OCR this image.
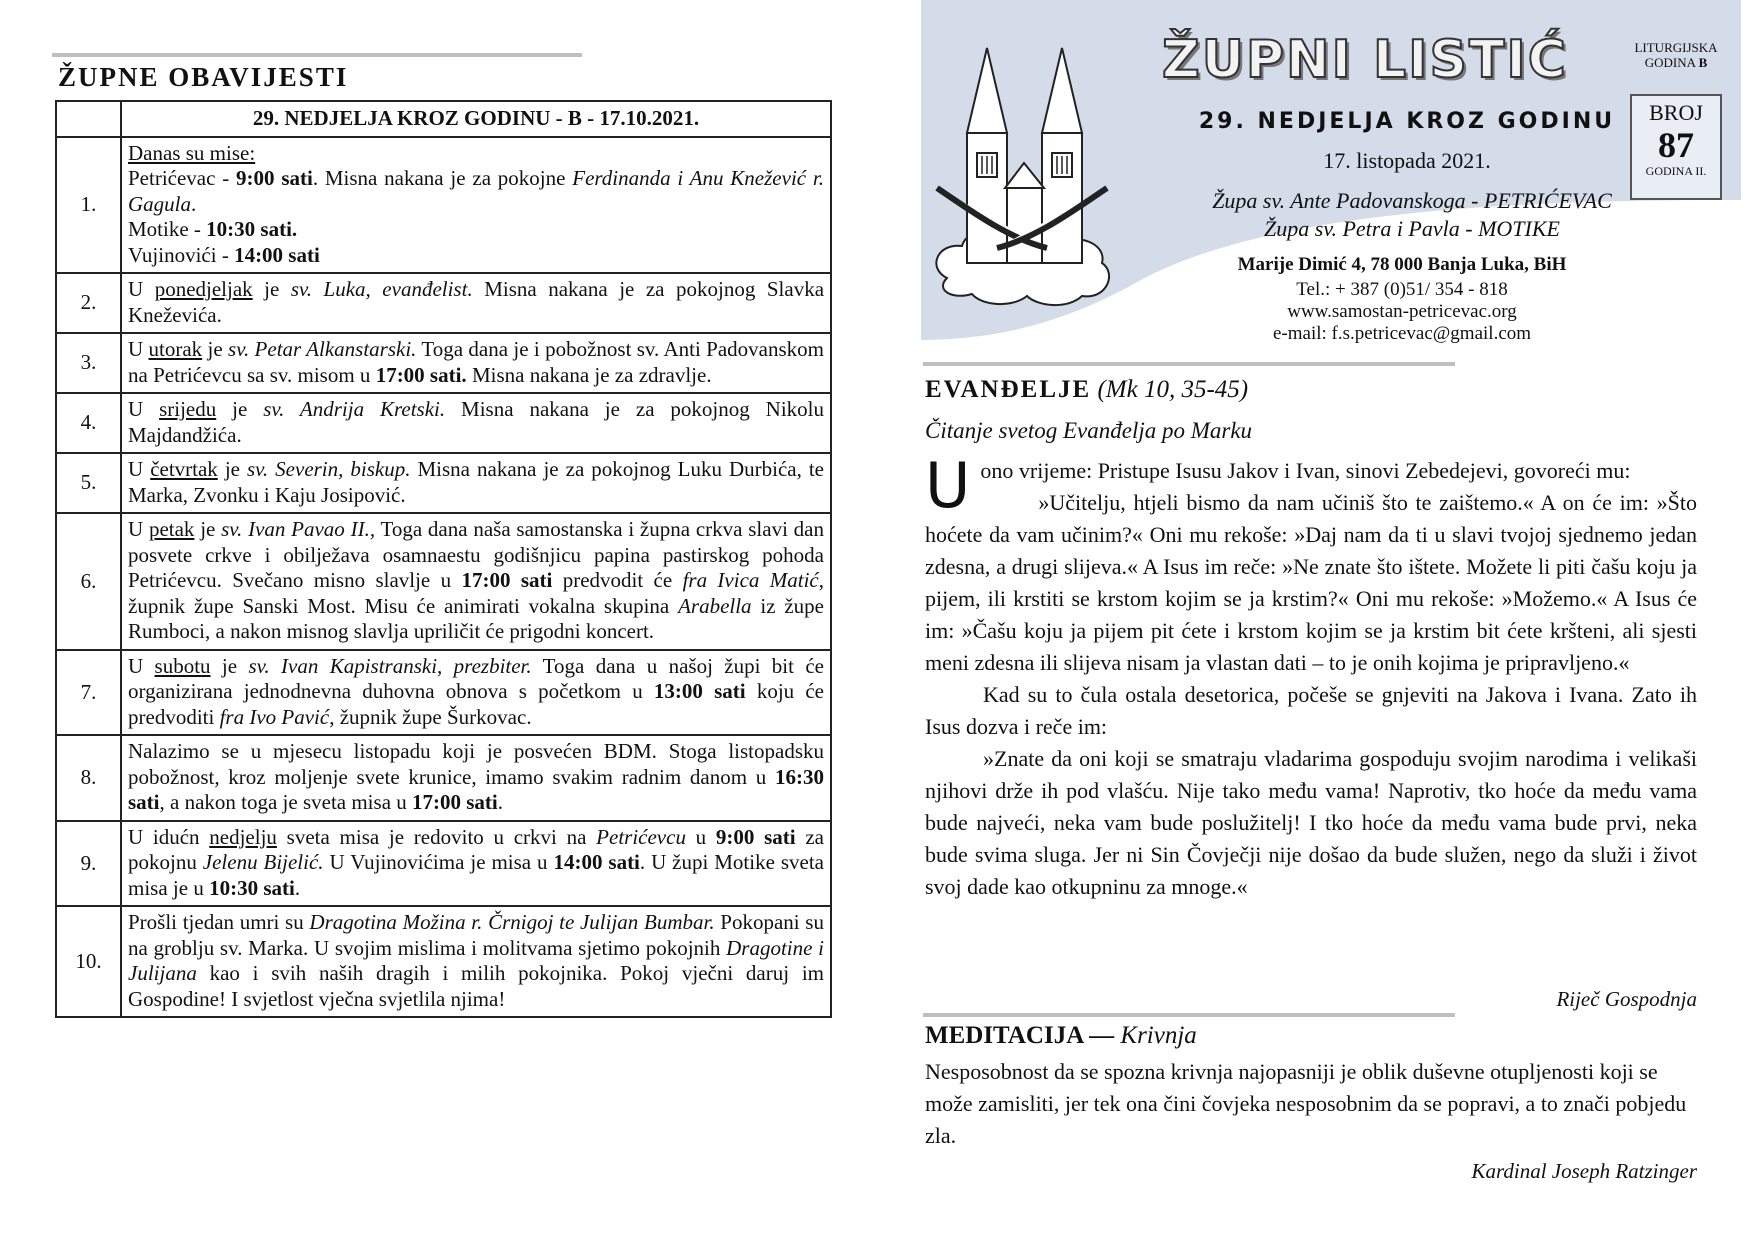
ŽUPNE OBAVIJESTI
	29. NEDJELJA KROZ GODINU - B - 17.10.2021.
1.	Danas su mise:
Petrićevac - 9:00 sati. Misna nakana je za pokojne Ferdinanda i Anu Knežević r. Gagula.
Motike - 10:30 sati.
Vujinovići - 14:00 sati

2.	U ponedjeljak je sv. Luka, evanđelist. Misna nakana je za pokojnog Slavka Kneževića.

3.	U utorak je sv. Petar Alkanstarski. Toga dana je i pobožnost sv. Anti Padovanskom na Petrićevcu sa sv. misom u 17:00 sati. Misna nakana je za zdravlje.

4.	U srijedu je sv. Andrija Kretski. Misna nakana je za pokojnog Nikolu Majdandžića.

5.	U četvrtak je sv. Severin, biskup. Misna nakana je za pokojnog Luku Durbića, te Marka, Zvonku i Kaju Josipović.

6.	U petak je sv. Ivan Pavao II., Toga dana naša samostanska i župna crkva slavi dan posvete crkve i obilježava osamnaestu godišnjicu papina pastirskog pohoda Petrićevcu. Svečano misno slavlje u 17:00 sati predvodit će fra Ivica Matić, župnik župe Sanski Most. Misu će animirati vokalna skupina Arabella iz župe Rumboci, a nakon misnog slavlja upriličit će prigodni koncert.

7.	U subotu je sv. Ivan Kapistranski, prezbiter. Toga dana u našoj župi bit će organizirana jednodnevna duhovna obnova s početkom u 13:00 sati koju će predvoditi fra Ivo Pavić, župnik župe Šurkovac.

8.	Nalazimo se u mjesecu listopadu koji je posvećen BDM. Stoga listopadsku pobožnost, kroz moljenje svete krunice, imamo svakim radnim danom u 16:30 sati, a nakon toga je sveta misa u 17:00 sati.

9.	U idućn nedjelju sveta misa je redovito u crkvi na Petrićevcu u 9:00 sati za pokojnu Jelenu Bijelić. U Vujinovićima je misa u 14:00 sati. U župi Motike sveta misa je u 10:30 sati.

10.	Prošli tjedan umri su Dragotina Možina r. Črnigoj te Julijan Bumbar. Pokopani su na groblju sv. Marka. U svojim mislima i molitvama sjetimo pokojnih Dragotine i Julijana kao i svih naših dragih i milih pokojnika. Pokoj vječni daruj im Gospodine! I svjetlost vječna svjetlila njima!
ŽUPNI LISTIĆ	LITURGIJSKA GODINA B
BROJ
87
GODINA II.
29. NEDJELJA KROZ GODINU
17. listopada 2021.
Župa sv. Ante Padovanskoga - PETRIĆEVAC
Župa sv. Petra i Pavla - MOTIKE
Marije Dimić 4, 78 000 Banja Luka, BiH
Tel.: + 387 (0)51/ 354 - 818
www.samostan-petricevac.org
e-mail: f.s.petricevac@gmail.com
EVANĐELJE (Mk 10, 35-45)
Čitanje svetog Evanđelja po Marku

U ono vrijeme: Pristupe Isusu Jakov i Ivan, sinovi Zebedejevi, govoreći mu:

»Učitelju, htjeli bismo da nam učiniš što te zaištemo.« A on će im: »Što hoćete da vam učinim?« Oni mu rekoše: »Daj nam da ti u slavi tvojoj sjednemo jedan zdesna, a drugi slijeva.« A Isus im reče: »Ne znate što ištete. Možete li piti čašu koju ja pijem, ili krstiti se krstom kojim se ja krstim?« Oni mu rekoše: »Možemo.« A Isus će im: »Čašu koju ja pijem pit ćete i krstom kojim se ja krstim bit ćete kršteni, ali sjesti meni zdesna ili slijeva nisam ja vlastan dati – to je onih kojima je pripravljeno.«

Kad su to čula ostala desetorica, počeše se gnjeviti na Jakova i Ivana. Zato ih Isus dozva i reče im:

»Znate da oni koji se smatraju vladarima gospoduju svojim narodima i velikaši njihovi drže ih pod vlašću. Nije tako među vama! Naprotiv, tko hoće da među vama bude najveći, neka vam bude poslužitelj! I tko hoće da među vama bude prvi, neka bude svima sluga. Jer ni Sin Čovječji nije došao da bude služen, nego da služi i život svoj dade kao otkupninu za mnoge.«

Riječ Gospodnja
MEDITACIJA — Krivnja
Nesposobnost da se spozna krivnja najopasniji je oblik duševne otupljenosti koji se može zamisliti, jer tek ona čini čovjeka nesposobnim da se popravi, a to znači pobjedu zla.
Kardinal Joseph Ratzinger
